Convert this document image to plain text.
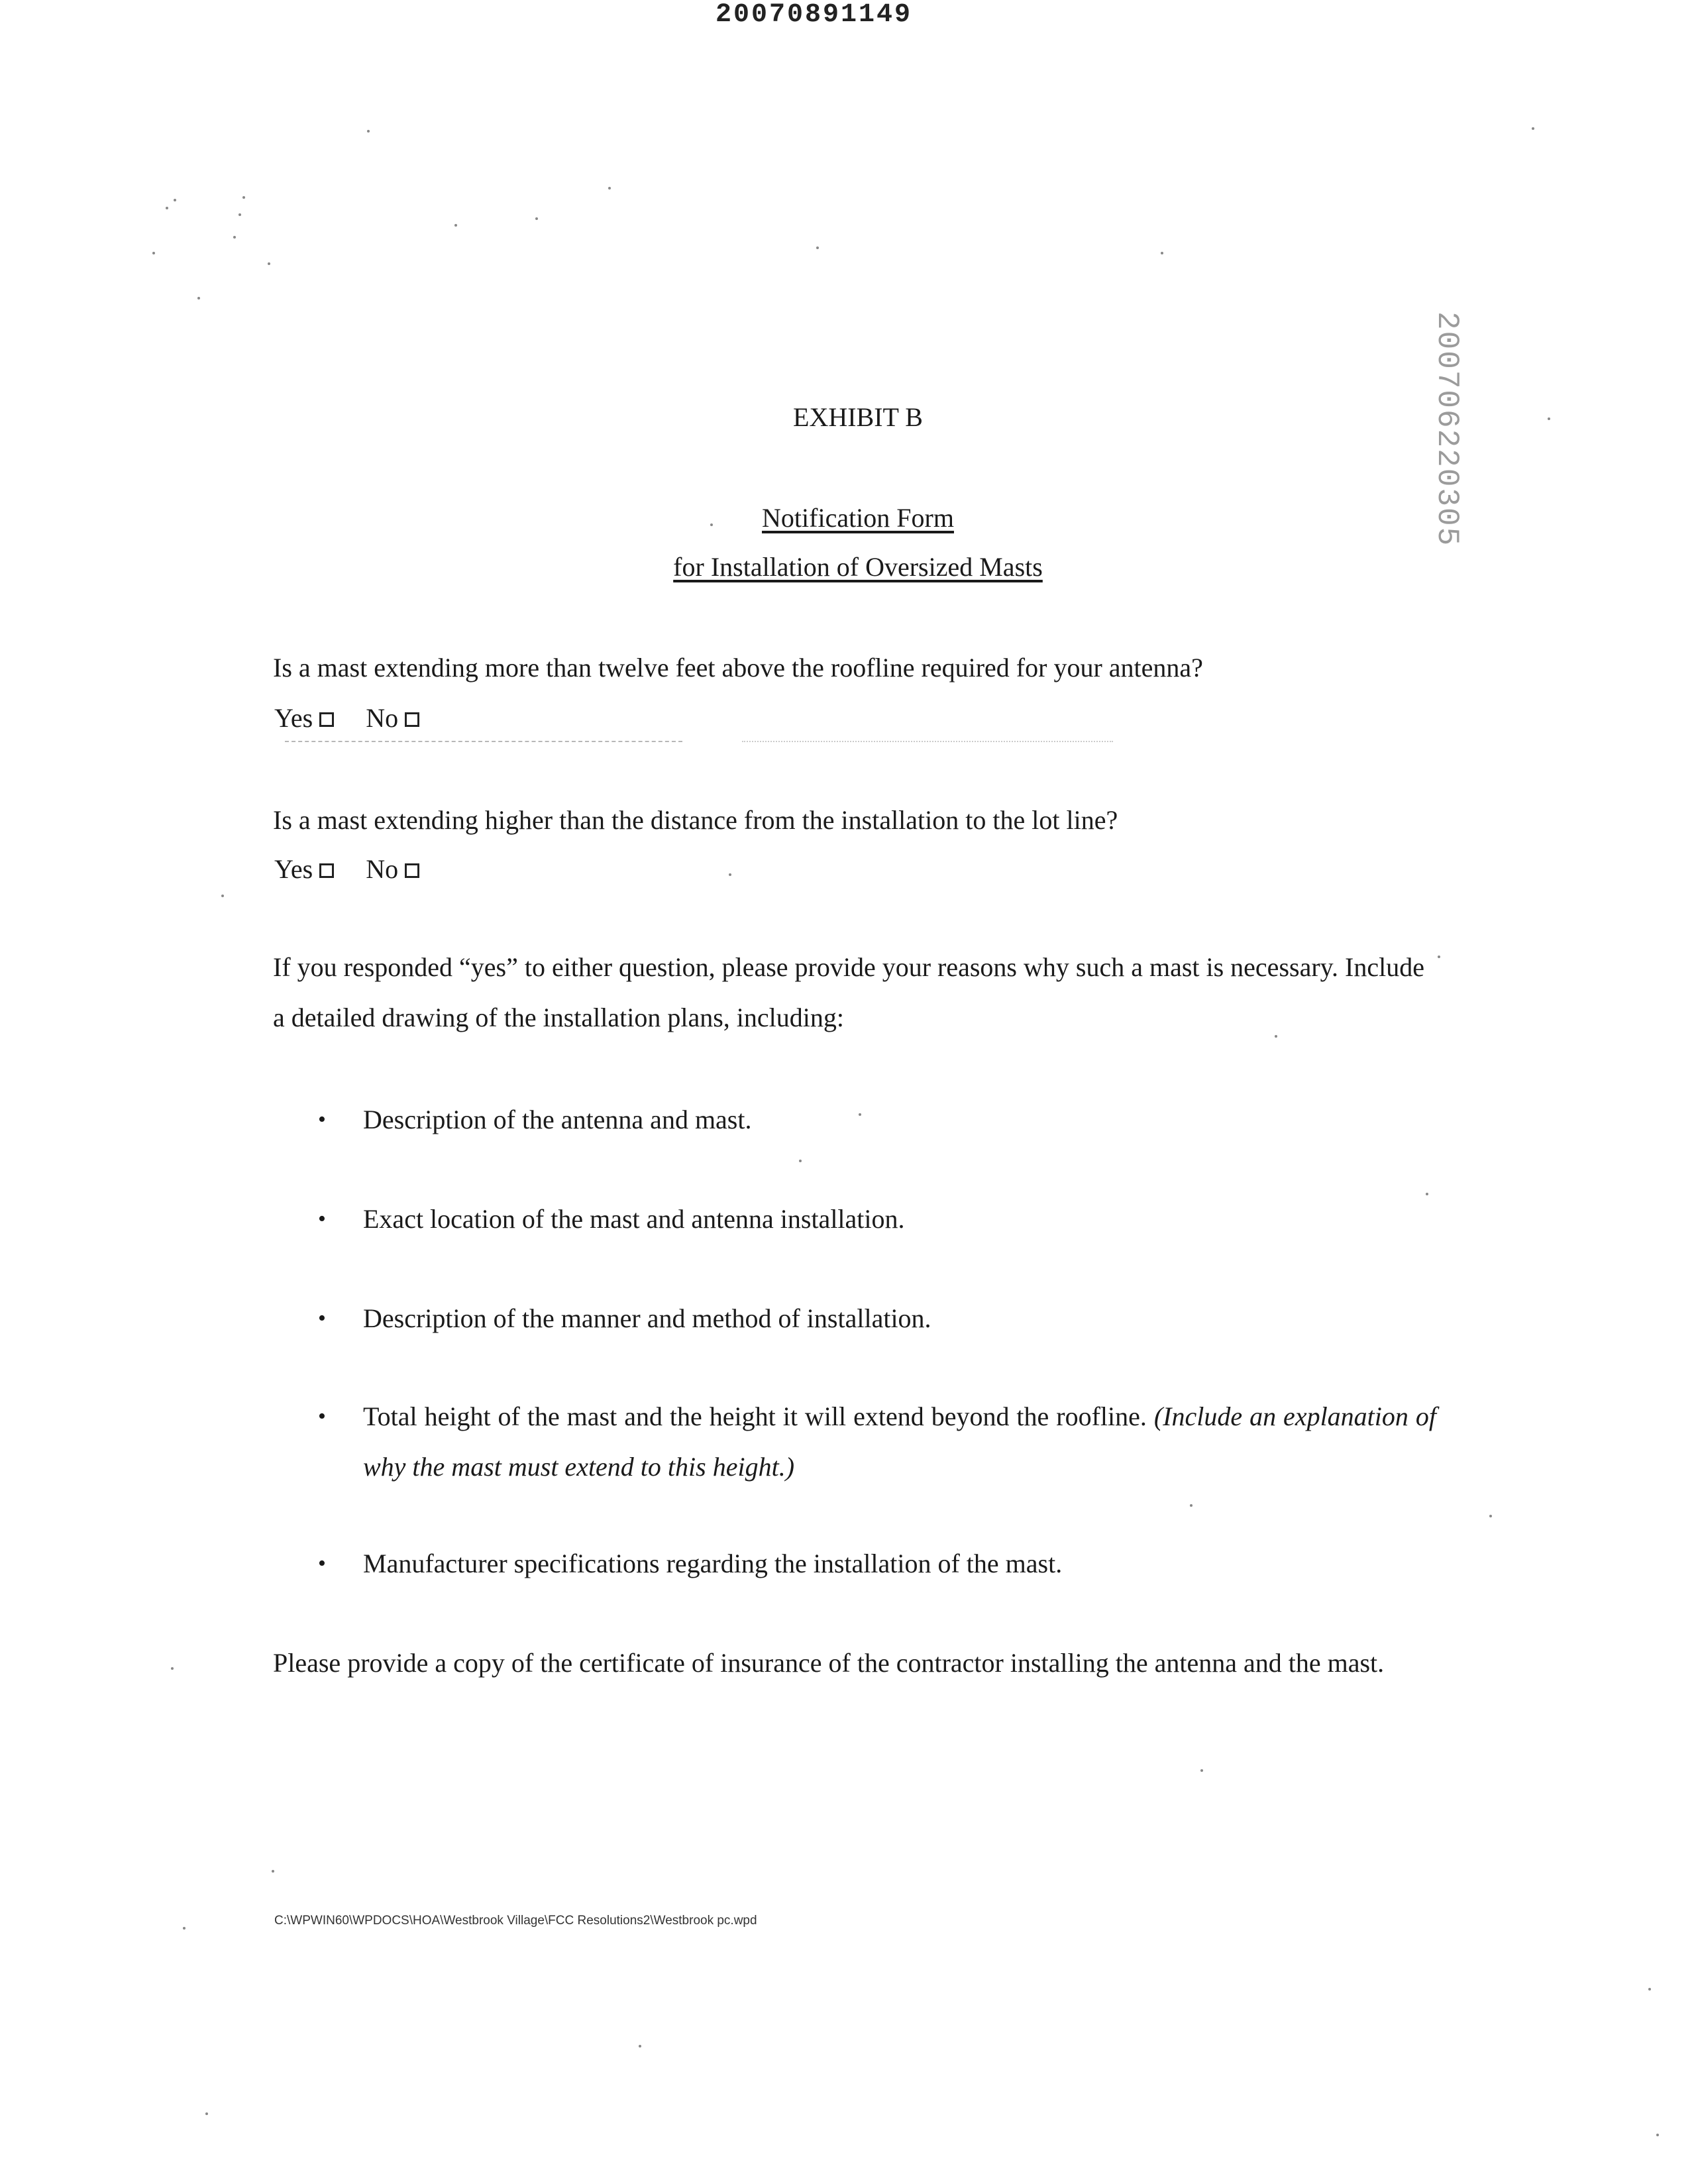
20070891149
200706220305
EXHIBIT B
Notification Form
for Installation of Oversized Masts
Is a mast extending more than twelve feet above the roofline required for your antenna?
Yes No
Is a mast extending higher than the distance from the installation to the lot line?
Yes No
If you responded “yes” to either question, please provide your reasons why such a mast is necessary. Include a detailed drawing of the installation plans, including:
• Description of the antenna and mast.
• Exact location of the mast and antenna installation.
• Description of the manner and method of installation.
• Total height of the mast and the height it will extend beyond the roofline. (Include an explanation of why the mast must extend to this height.)
• Manufacturer specifications regarding the installation of the mast.
Please provide a copy of the certificate of insurance of the contractor installing the antenna and the mast.
C:\WPWIN60\WPDOCS\HOA\Westbrook Village\FCC Resolutions2\Westbrook pc.wpd
